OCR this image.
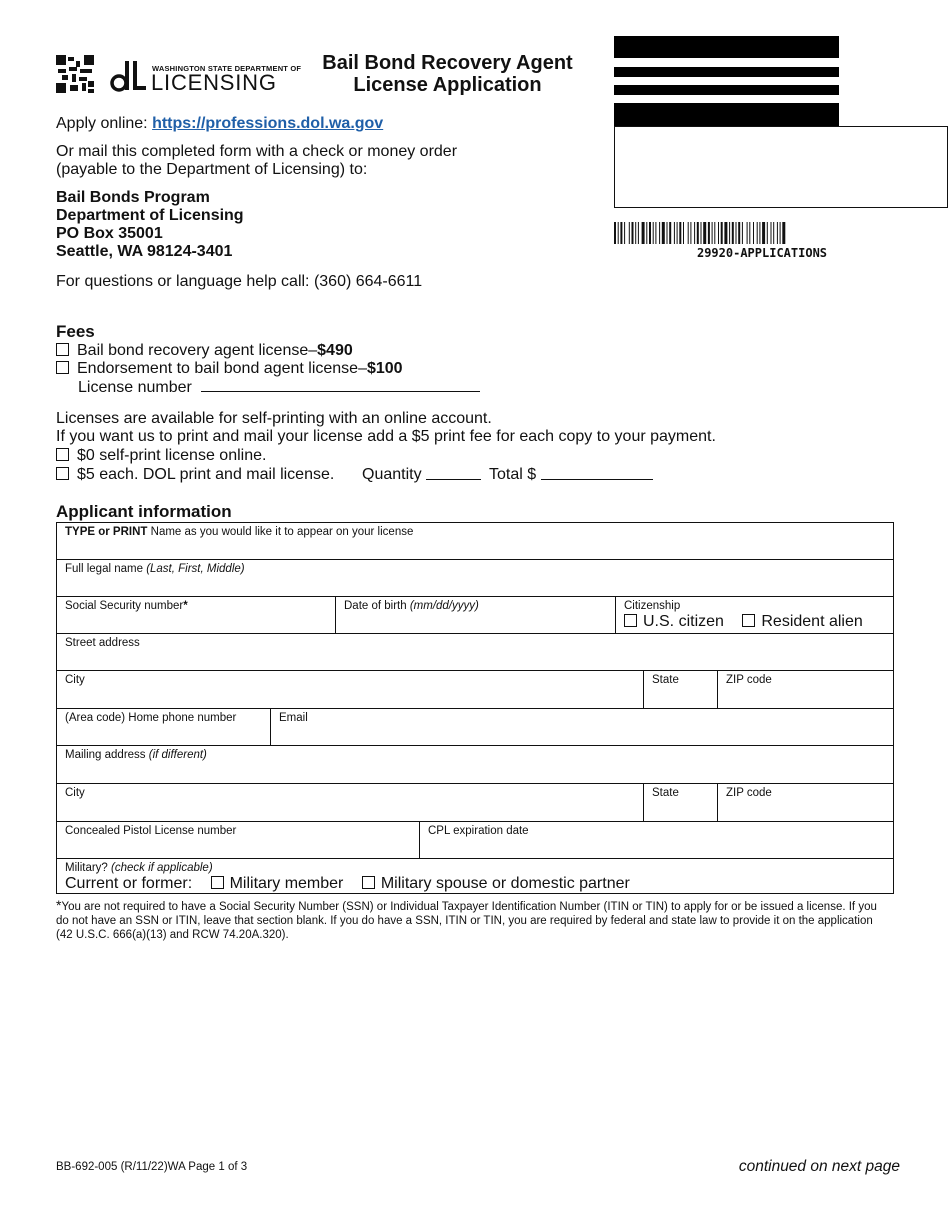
WASHINGTON STATE DEPARTMENT OF
LICENSING
Bail Bond Recovery Agent
License Application
29920-APPLICATIONS
Apply online: https://professions.dol.wa.gov
Or mail this completed form with a check or money order
(payable to the Department of Licensing) to:
Bail Bonds Program
Department of Licensing
PO Box 35001
Seattle, WA 98124-3401
For questions or language help call: (360) 664-6611
Fees
Bail bond recovery agent license–$490
Endorsement to bail bond agent license–$100
License number
Licenses are available for self-printing with an online account.
If you want us to print and mail your license add a $5 print fee for each copy to your payment.
$0 self-print license online.
$5 each. DOL print and mail license. Quantity	Total $
Applicant information
TYPE or PRINT Name as you would like it to appear on your license
Full legal name (Last, First, Middle)
Social Security number*	Date of birth (mm/dd/yyyy)	Citizenship
U.S. citizen Resident alien
Street address
City	State	ZIP code
(Area code) Home phone number	Email
Mailing address (if different)
City	State	ZIP code
Concealed Pistol License number	CPL expiration date
Military? (check if applicable)
Current or former: Military member Military spouse or domestic partner
*You are not required to have a Social Security Number (SSN) or Individual Taxpayer Identification Number (ITIN or TIN) to apply for or be issued a license. If you do not have an SSN or ITIN, leave that section blank. If you do have a SSN, ITIN or TIN, you are required by federal and state law to provide it on the application (42 U.S.C. 666(a)(13) and RCW 74.20A.320).
BB-692-005 (R/11/22)WA Page 1 of 3	continued on next page
